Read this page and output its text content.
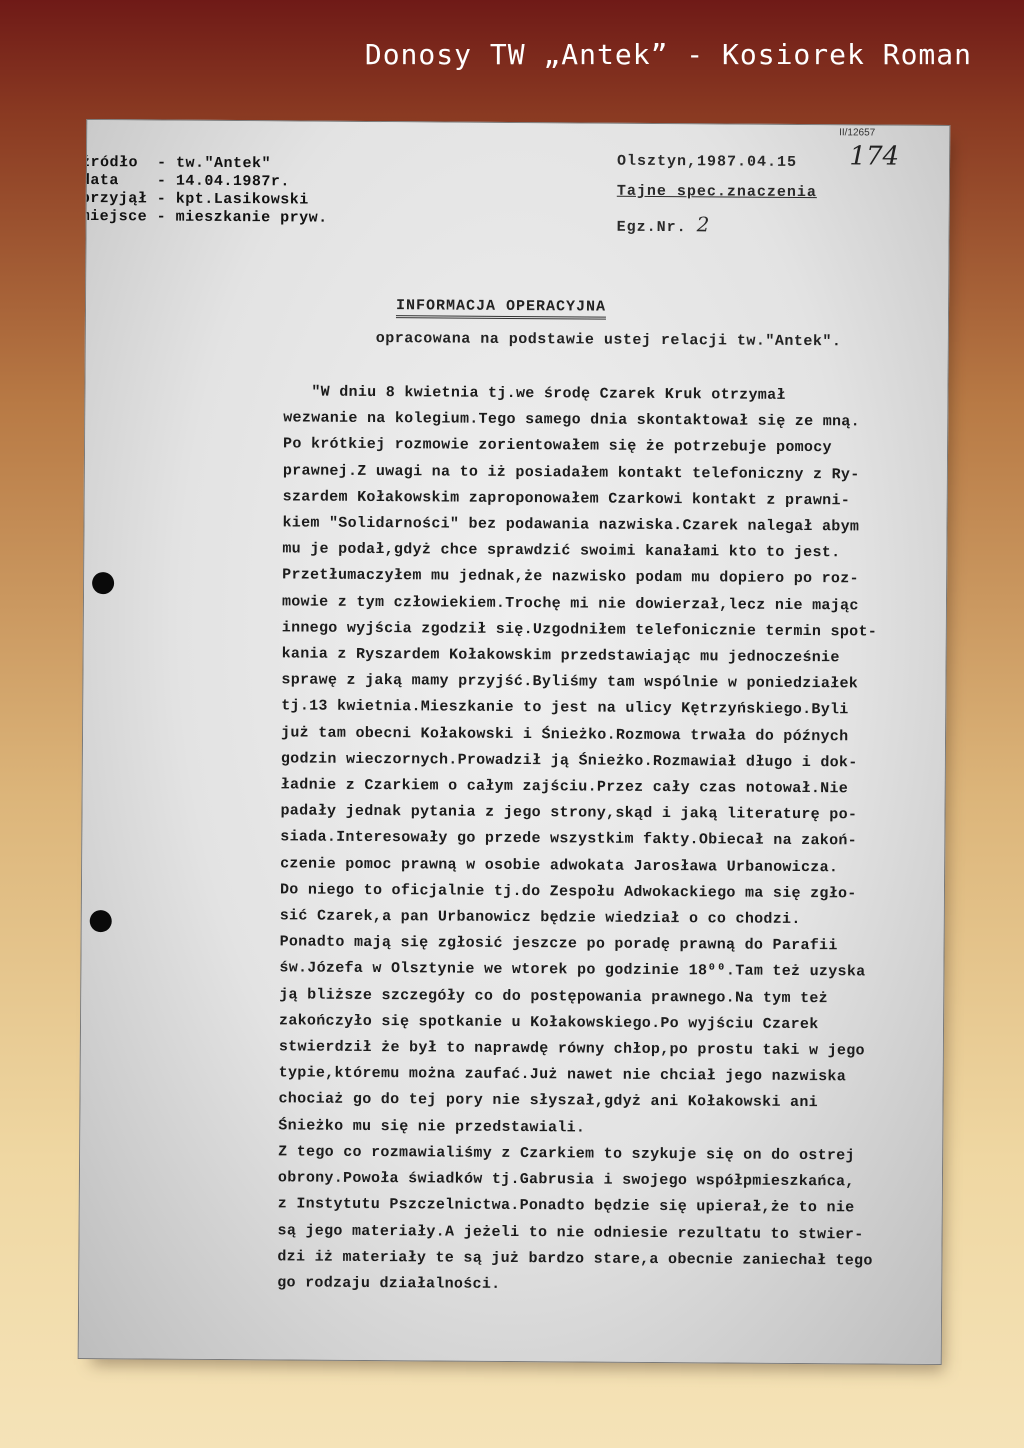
Donosy TW „Antek” - Kosiorek Roman
II/12657
174
źródło  - tw."Antek"
data    - 14.04.1987r.
przyjął - kpt.Lasikowski
miejsce - mieszkanie pryw.
Olsztyn,1987.04.15
Tajne spec.znaczenia
Egz.Nr. 2
INFORMACJA OPERACYJNA
opracowana na podstawie ustej relacji tw."Antek".
"W dniu 8 kwietnia tj.we środę Czarek Kruk otrzymał
wezwanie na kolegium.Tego samego dnia skontaktował się ze mną.
Po krótkiej rozmowie zorientowałem się że potrzebuje pomocy
prawnej.Z uwagi na to iż posiadałem kontakt telefoniczny z Ry-
szardem Kołakowskim zaproponowałem Czarkowi kontakt z prawni-
kiem "Solidarności" bez podawania nazwiska.Czarek nalegał abym
mu je podał,gdyż chce sprawdzić swoimi kanałami kto to jest.
Przetłumaczyłem mu jednak,że nazwisko podam mu dopiero po roz-
mowie z tym człowiekiem.Trochę mi nie dowierzał,lecz nie mając
innego wyjścia zgodził się.Uzgodniłem telefonicznie termin spot-
kania z Ryszardem Kołakowskim przedstawiając mu jednocześnie
sprawę z jaką mamy przyjść.Byliśmy tam wspólnie w poniedziałek
tj.13 kwietnia.Mieszkanie to jest na ulicy Kętrzyńskiego.Byli
już tam obecni Kołakowski i Śnieżko.Rozmowa trwała do późnych
godzin wieczornych.Prowadził ją Śnieżko.Rozmawiał długo i dok-
ładnie z Czarkiem o całym zajściu.Przez cały czas notował.Nie
padały jednak pytania z jego strony,skąd i jaką literaturę po-
siada.Interesowały go przede wszystkim fakty.Obiecał na zakoń-
czenie pomoc prawną w osobie adwokata Jarosława Urbanowicza.
Do niego to oficjalnie tj.do Zespołu Adwokackiego ma się zgło-
sić Czarek,a pan Urbanowicz będzie wiedział o co chodzi.
Ponadto mają się zgłosić jeszcze po poradę prawną do Parafii
św.Józefa w Olsztynie we wtorek po godzinie 18⁰⁰.Tam też uzyska
ją bliższe szczegóły co do postępowania prawnego.Na tym też
zakończyło się spotkanie u Kołakowskiego.Po wyjściu Czarek
stwierdził że był to naprawdę równy chłop,po prostu taki w jego
typie,któremu można zaufać.Już nawet nie chciał jego nazwiska
chociaż go do tej pory nie słyszał,gdyż ani Kołakowski ani
Śnieżko mu się nie przedstawiali.
Z tego co rozmawialiśmy z Czarkiem to szykuje się on do ostrej
obrony.Powoła świadków tj.Gabrusia i swojego współpmieszkańca,
z Instytutu Pszczelnictwa.Ponadto będzie się upierał,że to nie
są jego materiały.A jeżeli to nie odniesie rezultatu to stwier-
dzi iż materiały te są już bardzo stare,a obecnie zaniechał tego
go rodzaju działalności.
